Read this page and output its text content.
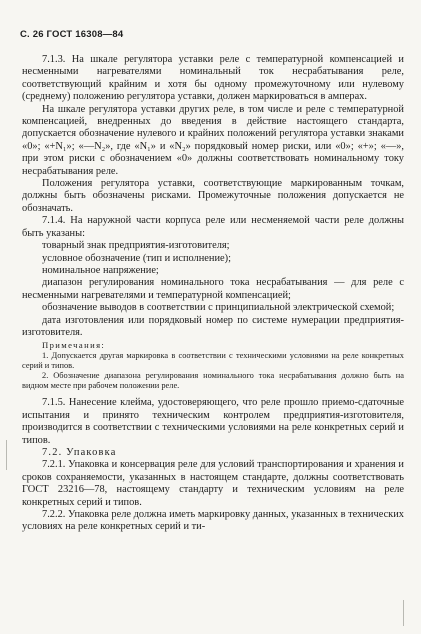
С. 26 ГОСТ 16308—84

7.1.3. На шкале регулятора уставки реле с температурной компенсацией и несменными нагревателями номинальный ток несрабатывания реле, соответствующий крайним и хотя бы одному промежуточному или нулевому (среднему) положению регулятора уставки, должен маркироваться в амперах.

На шкале регулятора уставки других реле, в том числе и реле с температурной компенсацией, внедренных до введения в действие настоящего стандарта, допускается обозначение нулевого и крайних положений регулятора уставки знаками «0»; «+N₁»; «—N₂», где «N₁» и «N₂» порядковый номер риски, или «0»; «+»; «—», при этом риски с обозначением «0» должны соответствовать номинальному току несрабатывания реле.

Положения регулятора уставки, соответствующие маркированным точкам, должны быть обозначены рисками. Промежуточные положения допускается не обозначать.

7.1.4. На наружной части корпуса реле или несменяемой части реле должны быть указаны:

товарный знак предприятия-изготовителя;

условное обозначение (тип и исполнение);

номинальное напряжение;

диапазон регулирования номинального тока несрабатывания — для реле с несменными нагревателями и температурной компенсацией;

обозначение выводов в соответствии с принципиальной электрической схемой;

дата изготовления или порядковый номер по системе нумерации предприятия-изготовителя.

Примечания:

1. Допускается другая маркировка в соответствии с техническими условиями на реле конкретных серий и типов.

2. Обозначение диапазона регулирования номинального тока несрабатывания должно быть на видном месте при рабочем положении реле.

7.1.5. Нанесение клейма, удостоверяющего, что реле прошло приемо-сдаточные испытания и принято техническим контролем предприятия-изготовителя, производится в соответствии с техническими условиями на реле конкретных серий и типов.

7.2. Упаковка

7.2.1. Упаковка и консервация реле для условий транспортирования и хранения и сроков сохраняемости, указанных в настоящем стандарте, должны соответствовать ГОСТ 23216—78, настоящему стандарту и техническим условиям на реле конкретных серий и типов.

7.2.2. Упаковка реле должна иметь маркировку данных, указанных в технических условиях на реле конкретных серий и ти-
